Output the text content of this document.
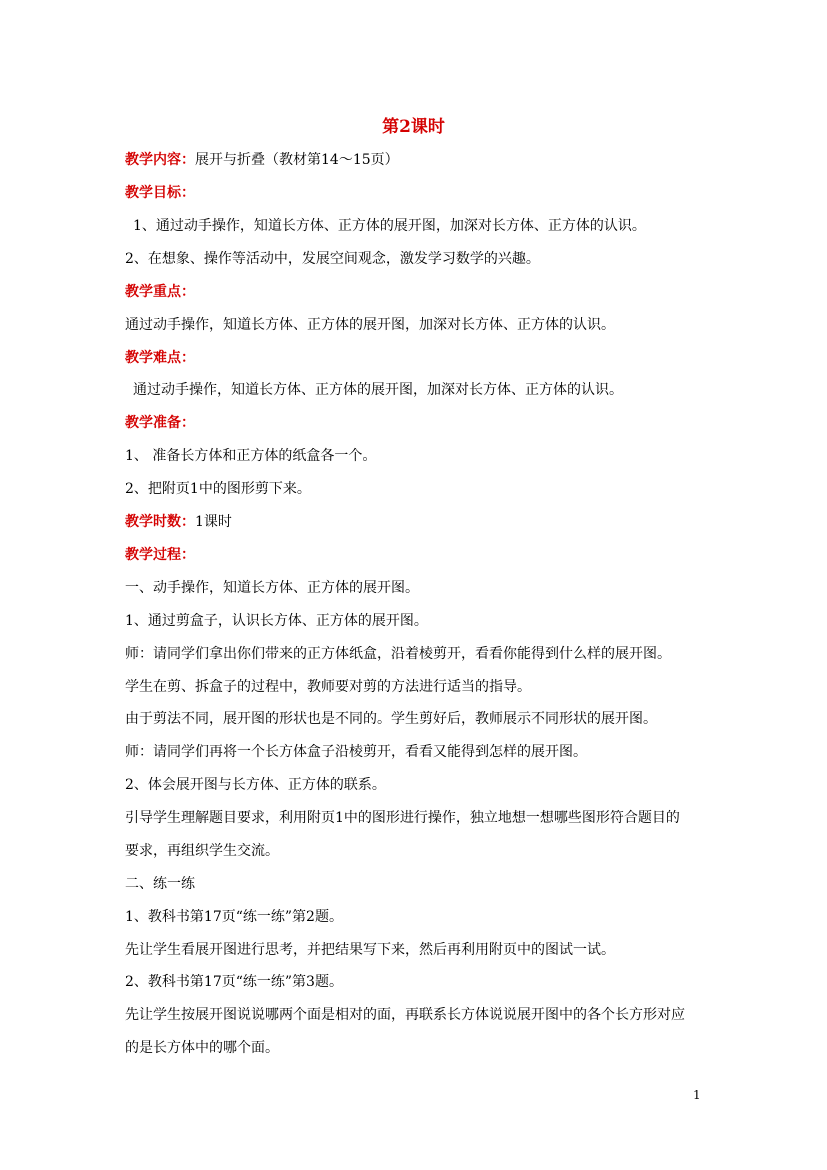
第2课时
教学内容：展开与折叠（教材第14～15页）
教学目标：
1、通过动手操作，知道长方体、正方体的展开图，加深对长方体、正方体的认识。
2、在想象、操作等活动中，发展空间观念，激发学习数学的兴趣。
教学重点：
通过动手操作，知道长方体、正方体的展开图，加深对长方体、正方体的认识。
教学难点：
通过动手操作，知道长方体、正方体的展开图，加深对长方体、正方体的认识。
教学准备：
1、 准备长方体和正方体的纸盒各一个。
2、把附页1中的图形剪下来。
教学时数：1课时
教学过程：
一、动手操作，知道长方体、正方体的展开图。
1、通过剪盒子，认识长方体、正方体的展开图。
师：请同学们拿出你们带来的正方体纸盒，沿着棱剪开，看看你能得到什么样的展开图。
学生在剪、拆盒子的过程中，教师要对剪的方法进行适当的指导。
由于剪法不同，展开图的形状也是不同的。学生剪好后，教师展示不同形状的展开图。
师：请同学们再将一个长方体盒子沿棱剪开，看看又能得到怎样的展开图。
2、体会展开图与长方体、正方体的联系。
引导学生理解题目要求，利用附页1中的图形进行操作，独立地想一想哪些图形符合题目的
要求，再组织学生交流。
二、练一练
1、教科书第17页“练一练”第2题。
先让学生看展开图进行思考，并把结果写下来，然后再利用附页中的图试一试。
2、教科书第17页“练一练”第3题。
先让学生按展开图说说哪两个面是相对的面，再联系长方体说说展开图中的各个长方形对应
的是长方体中的哪个面。
1
